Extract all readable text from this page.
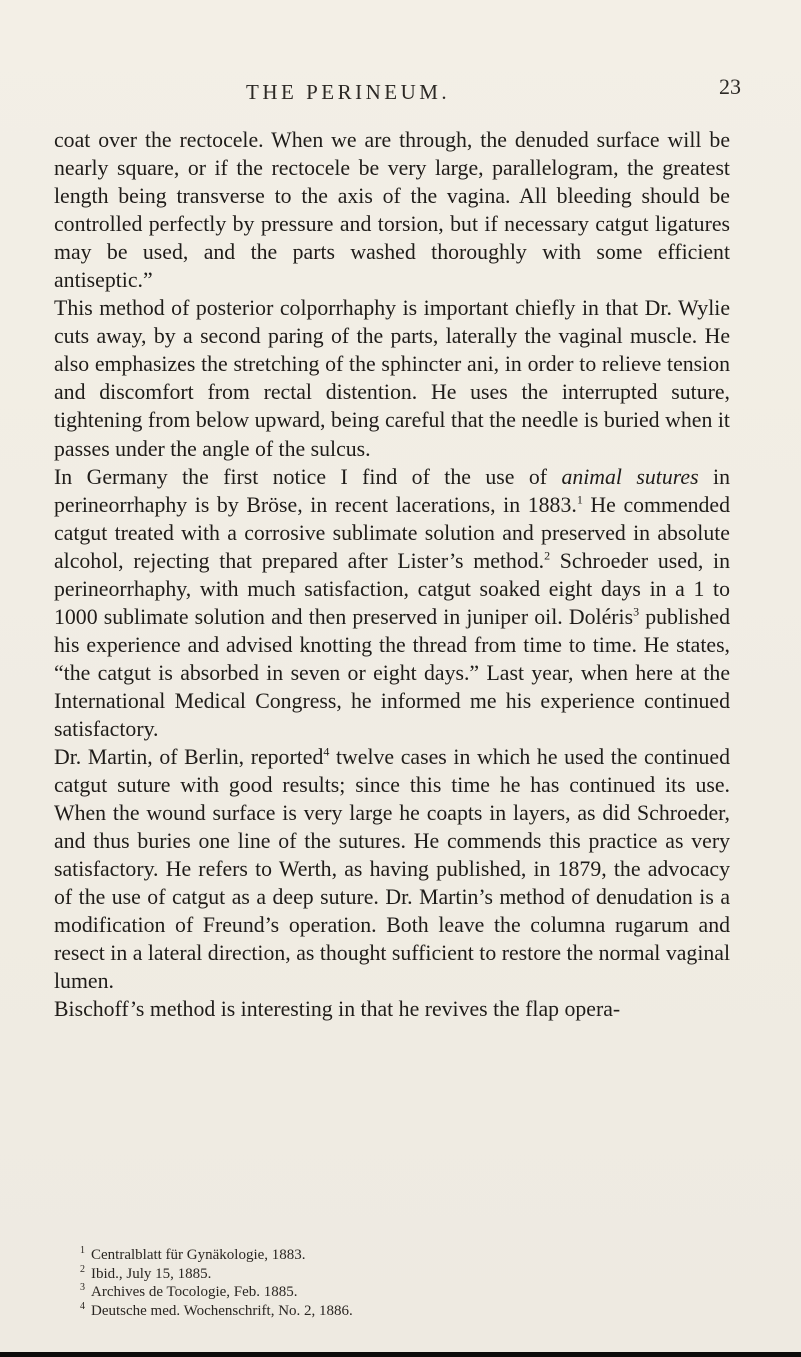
THE PERINEUM.	23

coat over the rectocele. When we are through, the denuded surface will be nearly square, or if the rectocele be very large, parallelogram, the greatest length being transverse to the axis of the vagina. All bleeding should be controlled perfectly by pressure and torsion, but if necessary catgut ligatures may be used, and the parts washed thoroughly with some efficient antiseptic.”

This method of posterior colporrhaphy is important chiefly in that Dr. Wylie cuts away, by a second paring of the parts, laterally the vaginal muscle. He also emphasizes the stretching of the sphincter ani, in order to relieve tension and discomfort from rectal distention. He uses the interrupted suture, tightening from below upward, being careful that the needle is buried when it passes under the angle of the sulcus.

In Germany the first notice I find of the use of animal sutures in perineorrhaphy is by Bröse, in recent lacerations, in 1883.$^1$ He commended catgut treated with a corrosive sublimate solution and preserved in absolute alcohol, rejecting that prepared after Lister’s method.$^2$ Schroeder used, in perineorrhaphy, with much satisfaction, catgut soaked eight days in a 1 to 1000 sublimate solution and then preserved in juniper oil. Doléris$^3$ published his experience and advised knotting the thread from time to time. He states, “the catgut is absorbed in seven or eight days.” Last year, when here at the International Medical Congress, he informed me his experience continued satisfactory.

Dr. Martin, of Berlin, reported$^4$ twelve cases in which he used the continued catgut suture with good results; since this time he has continued its use. When the wound surface is very large he coapts in layers, as did Schroeder, and thus buries one line of the sutures. He commends this practice as very satisfactory. He refers to Werth, as having published, in 1879, the advocacy of the use of catgut as a deep suture. Dr. Martin’s method of denudation is a modification of Freund’s operation. Both leave the columna rugarum and resect in a lateral direction, as thought sufficient to restore the normal vaginal lumen.

Bischoff’s method is interesting in that he revives the flap opera-

$^1$ Centralblatt für Gynäkologie, 1883.
$^2$ Ibid., July 15, 1885.
$^3$ Archives de Tocologie, Feb. 1885.
$^4$ Deutsche med. Wochenschrift, No. 2, 1886.
